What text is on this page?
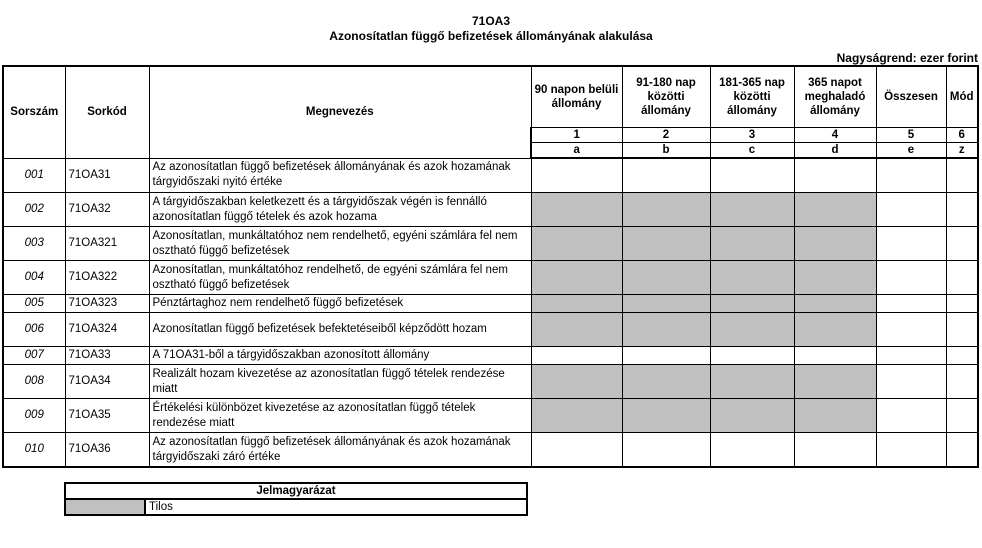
71OA3
Azonosítatlan függő befizetések állományának alakulása
Nagyságrend: ezer forint
Sorszám	Sorkód	Megnevezés	90 napon belüli állomány	91-180 nap közötti állomány	181-365 nap közötti állomány	365 napot meghaladó állomány	Összesen	Mód
			1	2	3	4	5	6
			a	b	c	d	e	z
001	71OA31	Az azonosítatlan függő befizetések állományának és azok hozamának tárgyidőszaki nyitó értéke						
002	71OA32	A tárgyidőszakban keletkezett és a tárgyidőszak végén is fennálló azonosítatlan függő tételek és azok hozama						
003	71OA321	Azonosítatlan, munkáltatóhoz nem rendelhető, egyéni számlára fel nem osztható függő befizetések						
004	71OA322	Azonosítatlan, munkáltatóhoz rendelhető, de egyéni számlára fel nem osztható függő befizetések						
005	71OA323	Pénztártaghoz nem rendelhető függő befizetések						
006	71OA324	Azonosítatlan függő befizetések befektetéseiből képződött hozam						
007	71OA33	A 71OA31-ből a tárgyidőszakban azonosított állomány						
008	71OA34	Realizált hozam kivezetése az azonosítatlan függő tételek rendezése miatt						
009	71OA35	Értékelési különbözet kivezetése az azonosítatlan függő tételek rendezése miatt						
010	71OA36	Az azonosítatlan függő befizetések állományának és azok hozamának tárgyidőszaki záró értéke						
Jelmagyarázat
	Tilos
